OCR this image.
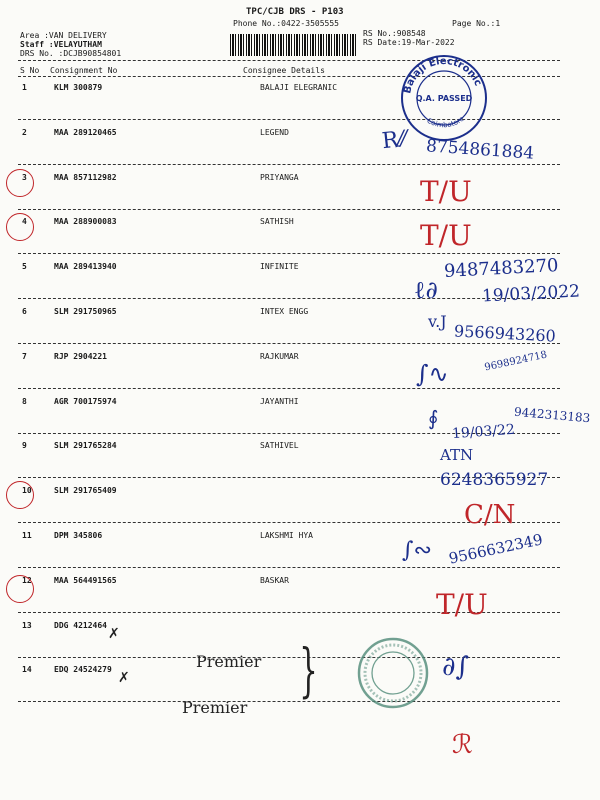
TPC/CJB DRS - P103
Phone No.:0422-3505555	Page No.:1
Area :VAN DELIVERY
Staff :VELAYUTHAM
DRS No. :DCJB90854801
RS No.:908548
RS Date:19-Mar-2022
S No Consignment No	Consignee Details
1	KLM 300879	BALAJI ELEGRANIC
2	MAA 289120465	LEGEND
3	MAA 857112982	PRIYANGA
4	MAA 288900083	SATHISH
5	MAA 289413940	INFINITE
6	SLM 291750965	INTEX ENGG
7	RJP 2904221	RAJKUMAR
8	AGR 700175974	JAYANTHI
9	SLM 291765284	SATHIVEL
10	SLM 291765409
11	DPM 345806	LAKSHMI HYA
12	MAA 564491565	BASKAR
13	DDG 4212464
14	EDQ 24524279
Balaji Electronic
Coimbatore
Q.A. PASSED
R⁄⁄ 8754861884
T/U
T/U
9487483270
ℓ∂	19/03/2022
v.J 9566943260
∫∿	9698924718
∮	9442313183
19/03/22
ATN
6248365927
C/N
∫∾ 9566632349
T/U
Premier
Premier
}	∂∫
ℛ
✗
✗
